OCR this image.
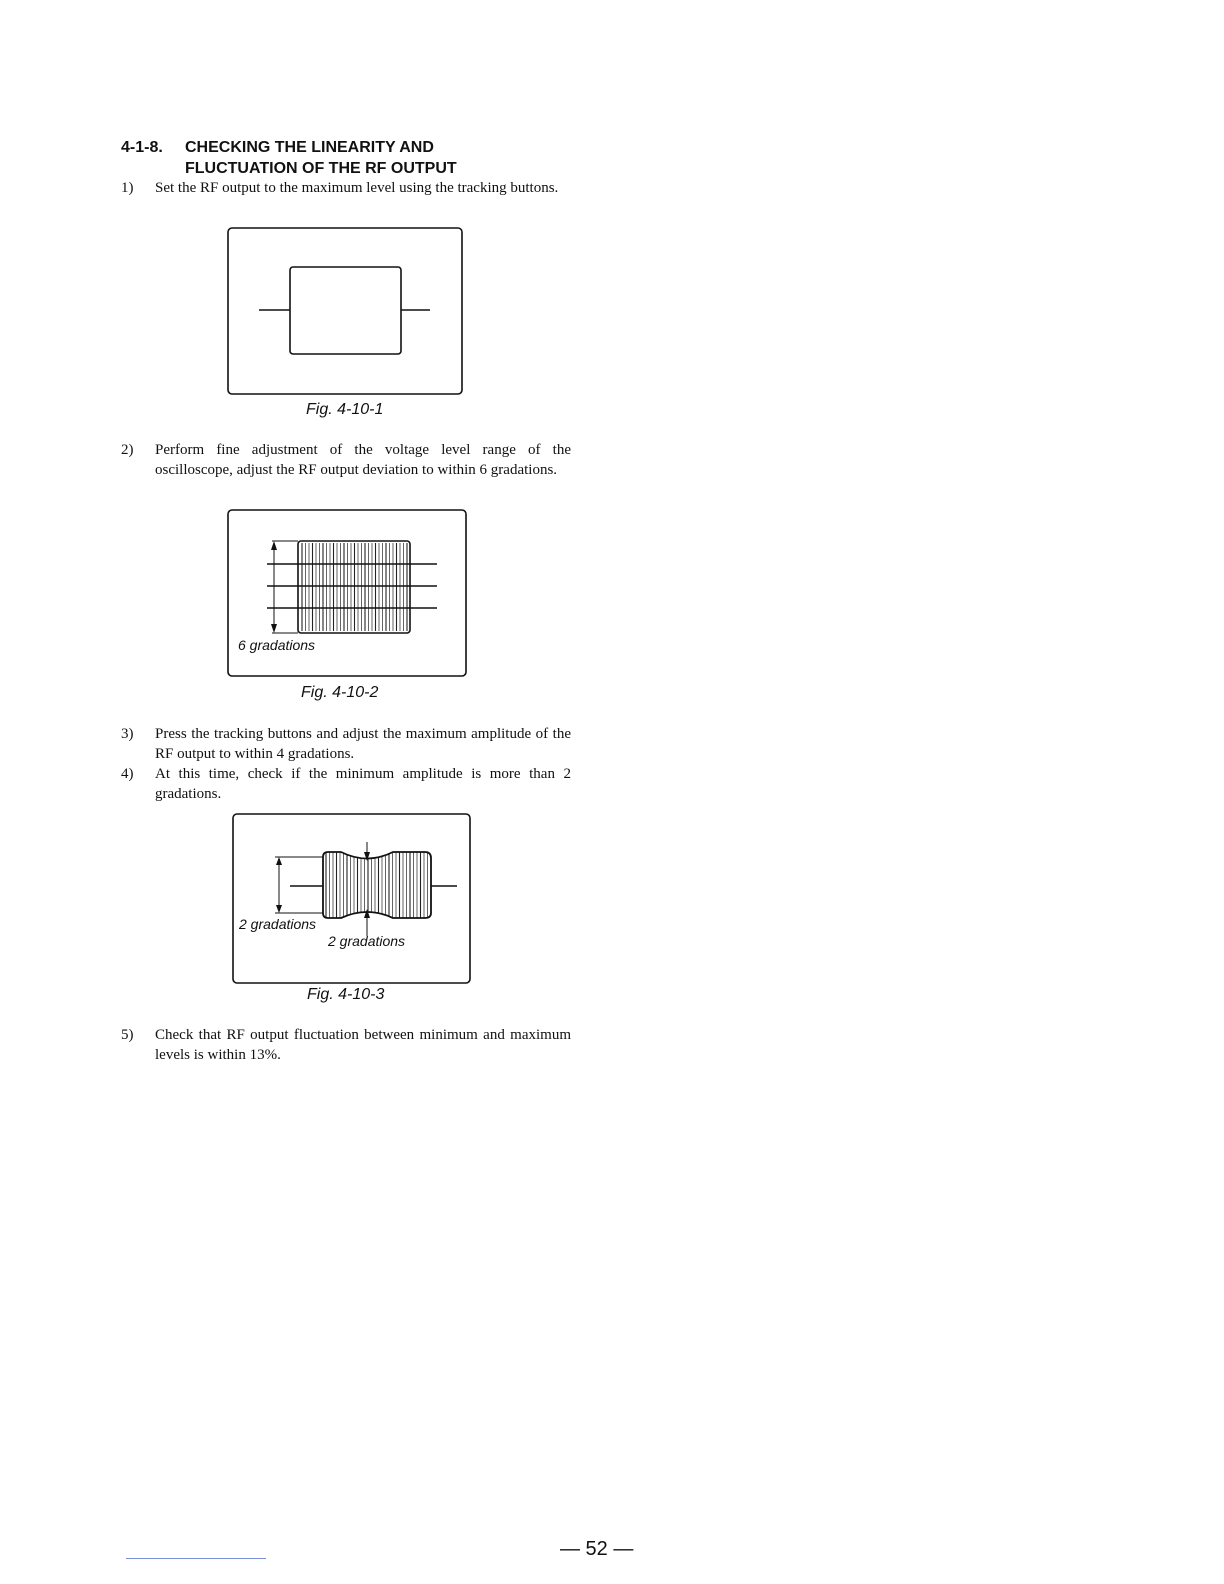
4-1-8. CHECKING THE LINEARITY AND
FLUCTUATION OF THE RF OUTPUT
1)	Set the RF output to the maximum level using the tracking buttons.
Fig. 4-10-1
2)	Perform fine adjustment of the voltage level range of the oscilloscope, adjust the RF output deviation to within 6 gradations.
6 gradations
Fig. 4-10-2
3)	Press the tracking buttons and adjust the maximum amplitude of the RF output to within 4 gradations.
4)	At this time, check if the minimum amplitude is more than 2 gradations.
2 gradations
2 gradations
Fig. 4-10-3
5)	Check that RF output fluctuation between minimum and maximum levels is within 13%.
— 52 —
